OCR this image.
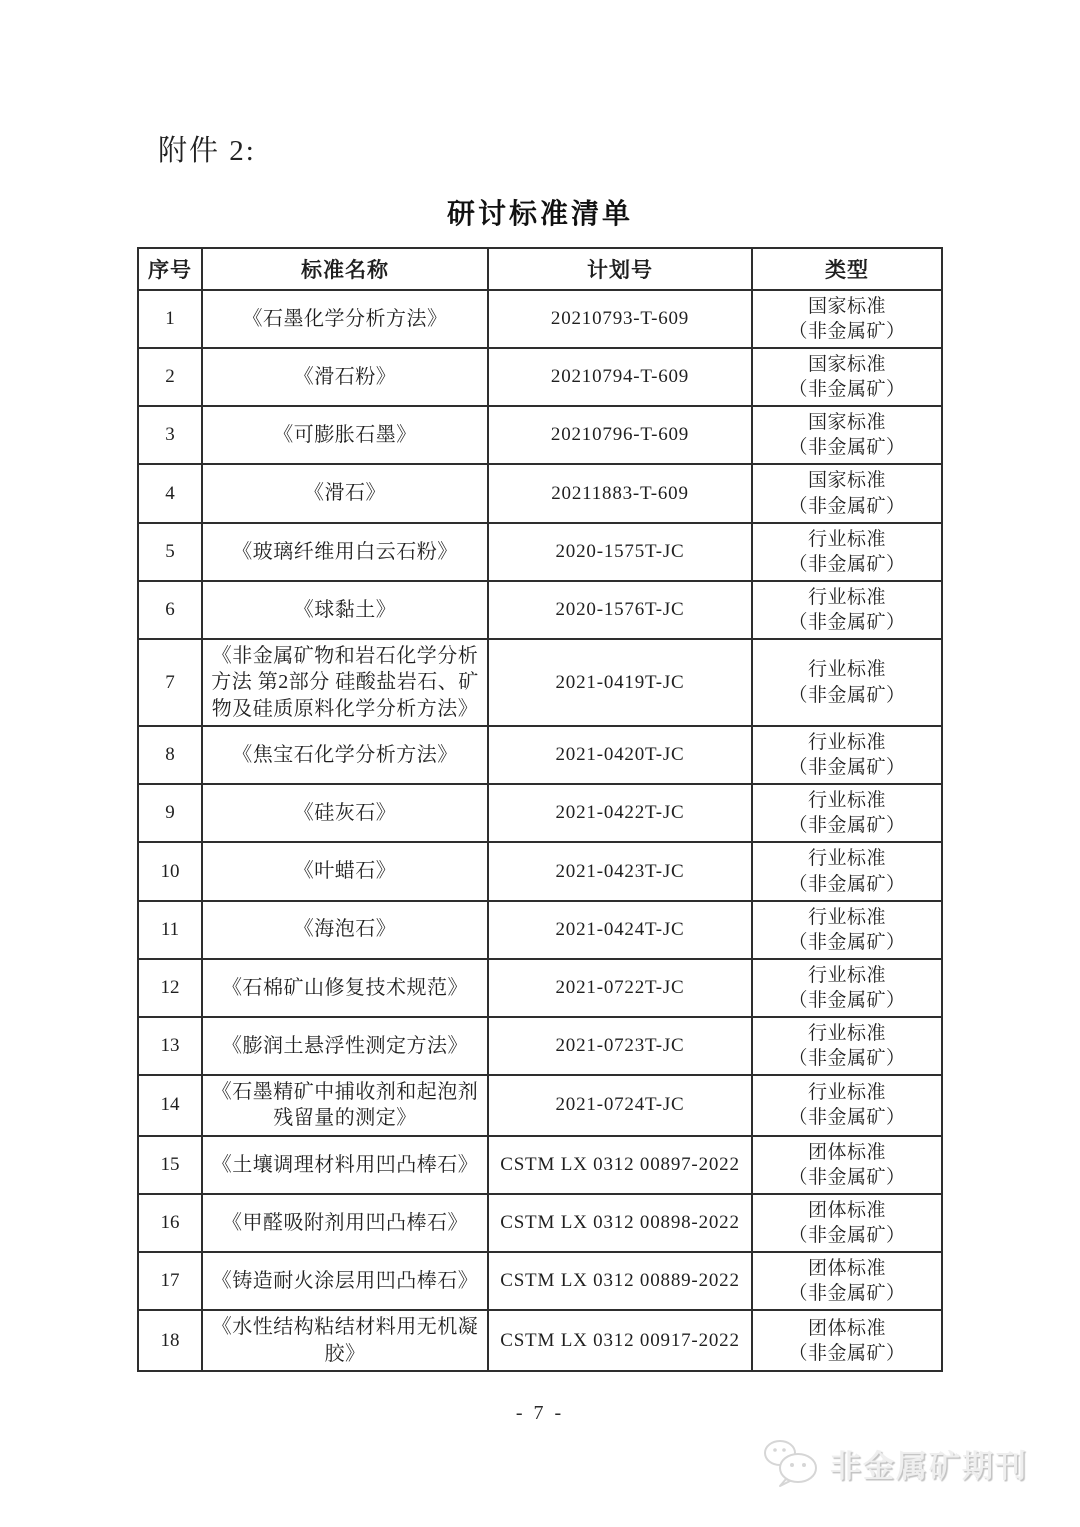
附件 2:
研讨标准清单
序号	标准名称	计划号	类型
1	《石墨化学分析方法》	20210793-T-609	国家标准
（非金属矿）

2	《滑石粉》	20210794-T-609	国家标准
（非金属矿）

3	《可膨胀石墨》	20210796-T-609	国家标准
（非金属矿）

4	《滑石》	20211883-T-609	国家标准
（非金属矿）

5	《玻璃纤维用白云石粉》	2020-1575T-JC	行业标准
（非金属矿）

6	《球黏土》	2020-1576T-JC	行业标准
（非金属矿）

7	《非金属矿物和岩石化学分析方法 第2部分 硅酸盐岩石、矿物及硅质原料化学分析方法》	2021-0419T-JC	行业标准
（非金属矿）

8	《焦宝石化学分析方法》	2021-0420T-JC	行业标准
（非金属矿）

9	《硅灰石》	2021-0422T-JC	行业标准
（非金属矿）

10	《叶蜡石》	2021-0423T-JC	行业标准
（非金属矿）

11	《海泡石》	2021-0424T-JC	行业标准
（非金属矿）

12	《石棉矿山修复技术规范》	2021-0722T-JC	行业标准
（非金属矿）

13	《膨润土悬浮性测定方法》	2021-0723T-JC	行业标准
（非金属矿）

14	《石墨精矿中捕收剂和起泡剂残留量的测定》	2021-0724T-JC	行业标准
（非金属矿）

15	《土壤调理材料用凹凸棒石》	CSTM LX 0312 00897-2022	团体标准
（非金属矿）

16	《甲醛吸附剂用凹凸棒石》	CSTM LX 0312 00898-2022	团体标准
（非金属矿）

17	《铸造耐火涂层用凹凸棒石》	CSTM LX 0312 00889-2022	团体标准
（非金属矿）

18	《水性结构粘结材料用无机凝胶》	CSTM LX 0312 00917-2022	团体标准
（非金属矿）
- 7 -
非金属矿期刊
